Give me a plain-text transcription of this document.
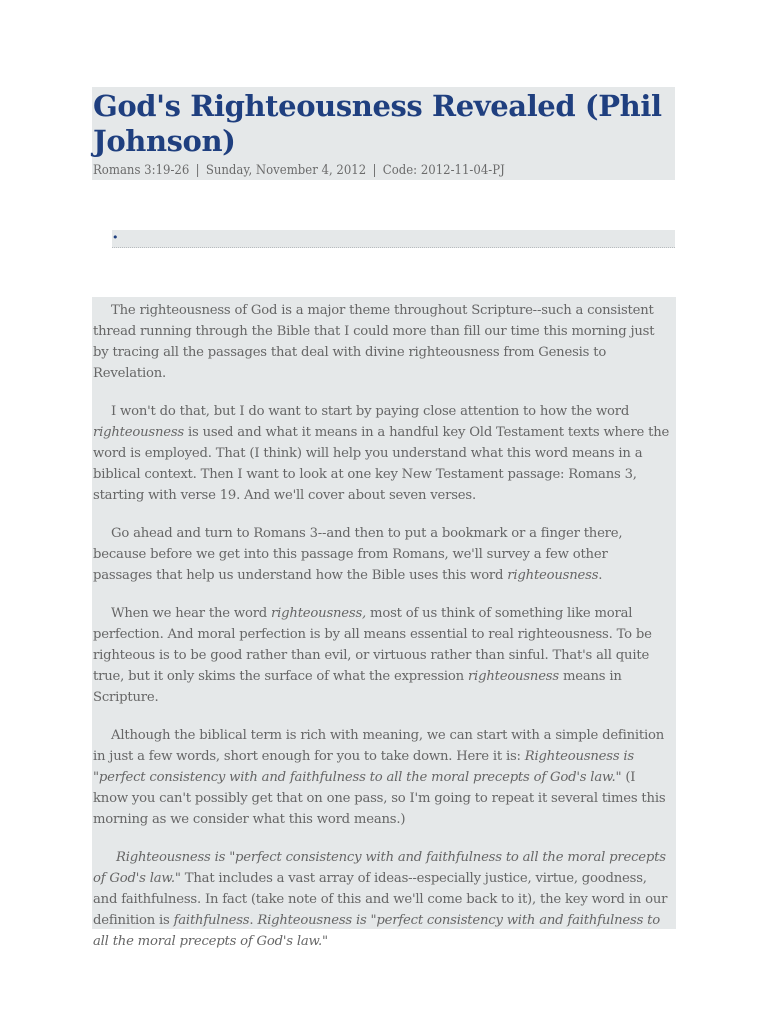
God's Righteousness Revealed (Phil Johnson)
Romans 3:19-26 | Sunday, November 4, 2012 | Code: 2012-11-04-PJ
•

The righteousness of God is a major theme throughout Scripture--such a consistent thread running through the Bible that I could more than fill our time this morning just by tracing all the passages that deal with divine righteousness from Genesis to Revelation.

I won't do that, but I do want to start by paying close attention to how the word righteousness is used and what it means in a handful key Old Testament texts where the word is employed. That (I think) will help you understand what this word means in a biblical context. Then I want to look at one key New Testament passage: Romans 3, starting with verse 19. And we'll cover about seven verses.

Go ahead and turn to Romans 3--and then to put a bookmark or a finger there, because before we get into this passage from Romans, we'll survey a few other passages that help us understand how the Bible uses this word righteousness.

When we hear the word righteousness, most of us think of something like moral perfection. And moral perfection is by all means essential to real righteousness. To be righteous is to be good rather than evil, or virtuous rather than sinful. That's all quite true, but it only skims the surface of what the expression righteousness means in Scripture.

Although the biblical term is rich with meaning, we can start with a simple definition in just a few words, short enough for you to take down. Here it is: Righteousness is "perfect consistency with and faithfulness to all the moral precepts of God's law." (I know you can't possibly get that on one pass, so I'm going to repeat it several times this morning as we consider what this word means.)

Righteousness is "perfect consistency with and faithfulness to all the moral precepts of God's law." That includes a vast array of ideas--especially justice, virtue, goodness, and faithfulness. In fact (take note of this and we'll come back to it), the key word in our definition is faithfulness. Righteousness is "perfect consistency with and faithfulness to all the moral precepts of God's law."
